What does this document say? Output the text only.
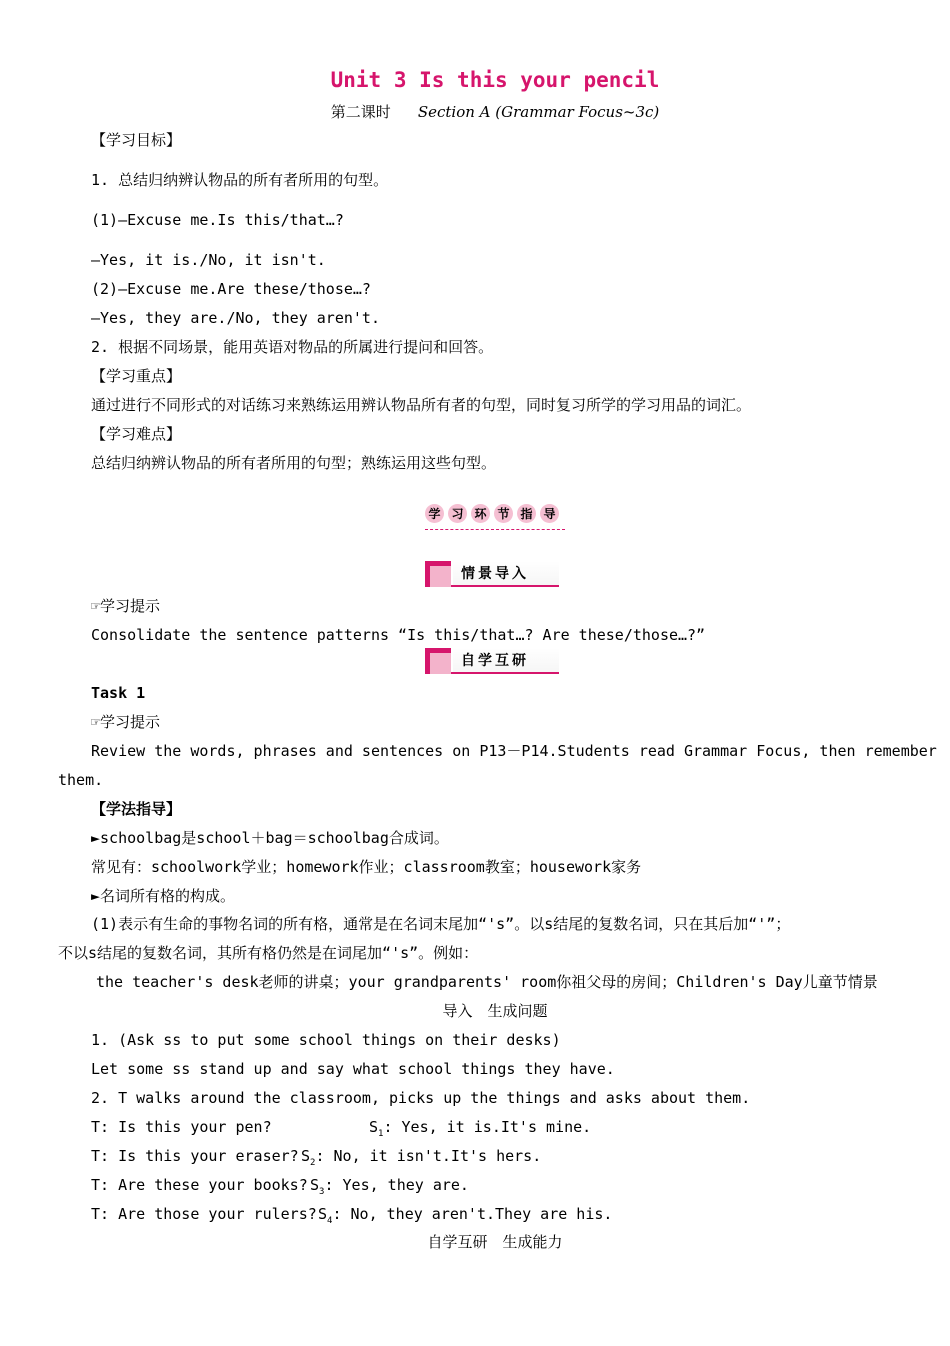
Unit 3 Is this your pencil
第二课时 Section A (Grammar Focus~3c)
【学习目标】
1. 总结归纳辨认物品的所有者所用的句型。
(1)—Excuse me.Is this/that…?
—Yes, it is./No, it isn't.
(2)—Excuse me.Are these/those…?
—Yes, they are./No, they aren't.
2. 根据不同场景，能用英语对物品的所属进行提问和回答。
【学习重点】
通过进行不同形式的对话练习来熟练运用辨认物品所有者的句型，同时复习所学的学习用品的词汇。
【学习难点】
总结归纳辨认物品的所有者所用的句型；熟练运用这些句型。
学 习 环 节 指 导
情景导入
☞学习提示
Consolidate the sentence patterns “Is this/that…? Are these/those…?”
自学互研
Task 1
☞学习提示
Review the words, phrases and sentences on P13－P14.Students read Grammar Focus, then remember
them.
【学法指导】
►schoolbag是school＋bag＝schoolbag合成词。
常见有：schoolwork学业；homework作业；classroom教室；housework家务
►名词所有格的构成。
(1)表示有生命的事物名词的所有格，通常是在名词末尾加“'s”。以s结尾的复数名词，只在其后加“'”；
不以s结尾的复数名词，其所有格仍然是在词尾加“'s”。例如：
the teacher's desk老师的讲桌；your grandparents' room你祖父母的房间；Children's Day儿童节情景
导入　生成问题
1. (Ask ss to put some school things on their desks)
Let some ss stand up and say what school things they have.
2. T walks around the classroom, picks up the things and asks about them.
T: Is this your pen?	$S_1$: Yes, it is.It's mine.
T: Is this your eraser? $S_2$: No, it isn't.It's hers.
T: Are these your books? $S_3$: Yes, they are.
T: Are those your rulers? $S_4$: No, they aren't.They are his.
自学互研　生成能力
